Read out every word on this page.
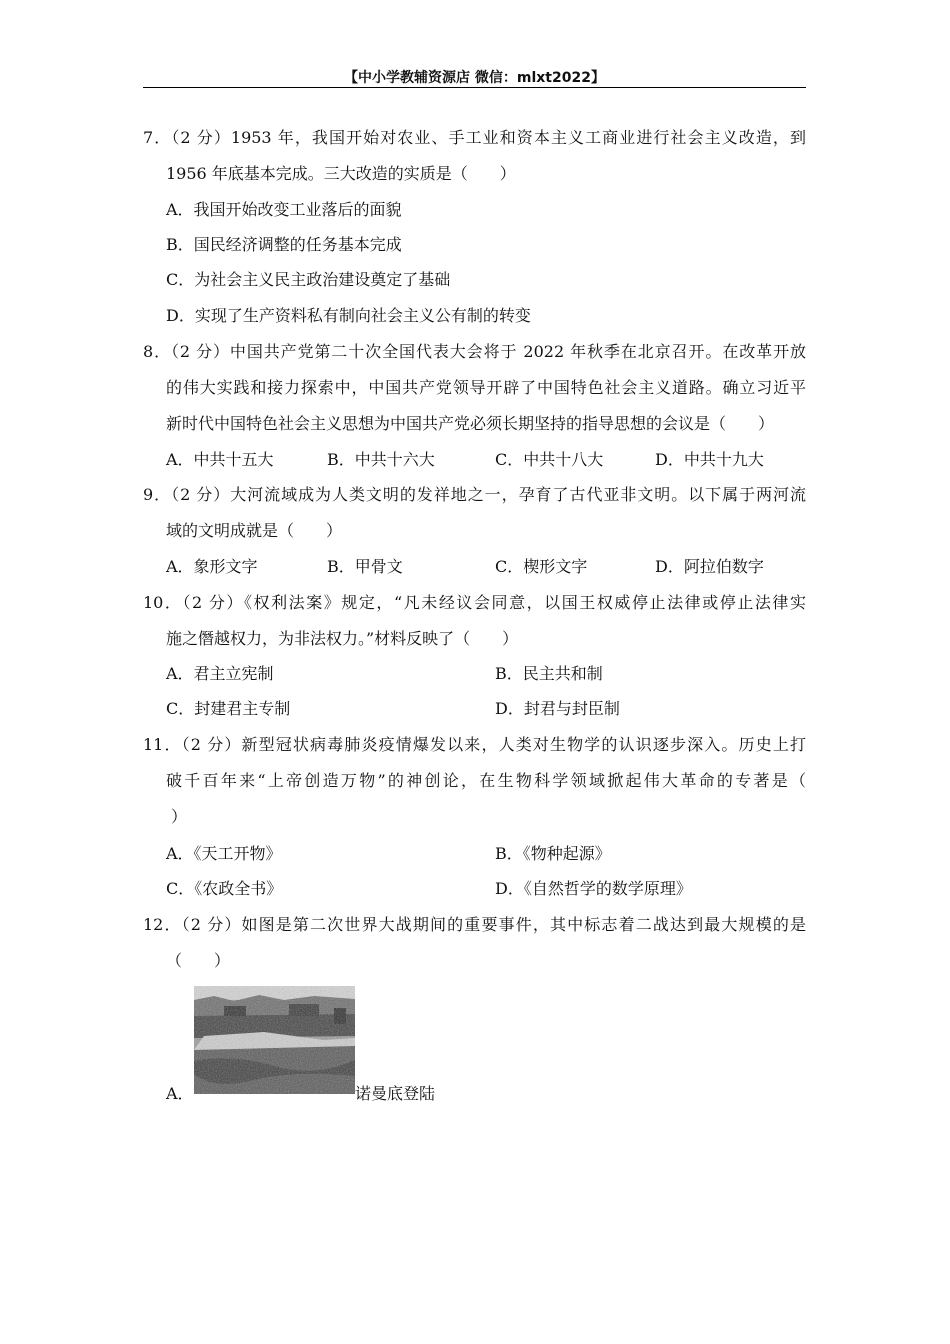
【中小学教辅资源店 微信：mlxt2022】

7．（2 分）1953 年，我国开始对农业、手工业和资本主义工商业进行社会主义改造，到

1956 年底基本完成。三大改造的实质是（　　）

A．我国开始改变工业落后的面貌
B．国民经济调整的任务基本完成
C．为社会主义民主政治建设奠定了基础
D．实现了生产资料私有制向社会主义公有制的转变

8．（2 分）中国共产党第二十次全国代表大会将于 2022 年秋季在北京召开。在改革开放

的伟大实践和接力探索中，中国共产党领导开辟了中国特色社会主义道路。确立习近平

新时代中国特色社会主义思想为中国共产党必须长期坚持的指导思想的会议是（　　）

A．中共十五大	B．中共十六大	C．中共十八大	D．中共十九大

9．（2 分）大河流域成为人类文明的发祥地之一，孕育了古代亚非文明。以下属于两河流

域的文明成就是（　　）

A．象形文字	B．甲骨文	C．楔形文字	D．阿拉伯数字

10．（2 分）《权利法案》规定，“凡未经议会同意，以国王权威停止法律或停止法律实

施之僭越权力，为非法权力。”材料反映了（　　）

A．君主立宪制	B．民主共和制
C．封建君主专制	D．封君与封臣制

11．（2 分）新型冠状病毒肺炎疫情爆发以来，人类对生物学的认识逐步深入。历史上打

破千百年来“上帝创造万物”的神创论，在生物科学领域掀起伟大革命的专著是（

）

A．《天工开物》	B．《物种起源》
C．《农政全书》	D．《自然哲学的数学原理》

12．（2 分）如图是第二次世界大战期间的重要事件，其中标志着二战达到最大规模的是

（　　）

A．	诺曼底登陆
